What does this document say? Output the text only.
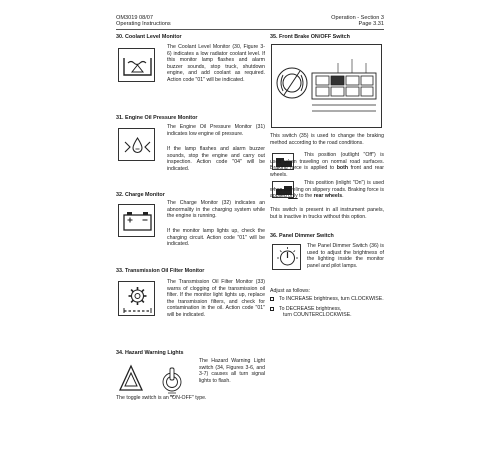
OM3019 08/07
Operating Instructions
Operation - Section 3
Page 3.31
30. Coolant Level Monitor
The Coolant Level Monitor (30, Figure 3-6) indicates a low radiator coolant level. If this monitor lamp flashes and alarm buzzer sounds, stop truck, shutdown engine, and add coolant as required. Action code "01" will be indicated.
31. Engine Oil Pressure Monitor
The Engine Oil Pressure Monitor (31) indicates low engine oil pressure.
If the lamp flashes and alarm buzzer sounds, stop the engine and carry out inspection. Action code "04" will be indicated.
32. Charge Monitor
The Charge Monitor (32) indicates an abnormality in the charging system while the engine is running.
If the monitor lamp lights up, check the charging circuit. Action code "01" will be indicated.
33. Transmission Oil Filter Monitor
The Transmission Oil Filter Monitor (33) warns of clogging of the transmission oil filter. If the monitor light lights up, replace the transmission filters, and check for contamination in the oil. Action code "01" will be indicated.
34. Hazard Warning Lights
The Hazard Warning Light switch (34, Figures 3-6, and 3-7) causes all turn signal lights to flash.
The toggle switch is an "ON-OFF" type.
35. Front Brake ON/OFF Switch
This switch (35) is used to change the braking method according to the road conditions.
This position (outlight "Off") is used when traveling on normal road surfaces. Braking force is applied to both front and rear wheels.
This position (inlight "On") is used when traveling on slippery roads. Braking force is applied only to the rear wheels.
This switch is present in all instrument panels, but is inactive in trucks without this option.
36. Panel Dimmer Switch
The Panel Dimmer Switch (36) is used to adjust the brightness of the lighting inside the monitor panel and pilot lamps.
Adjust as follows:
To INCREASE brightness, turn CLOCKWISE.
To DECREASE brightness,
turn COUNTERCLOCKWISE.
